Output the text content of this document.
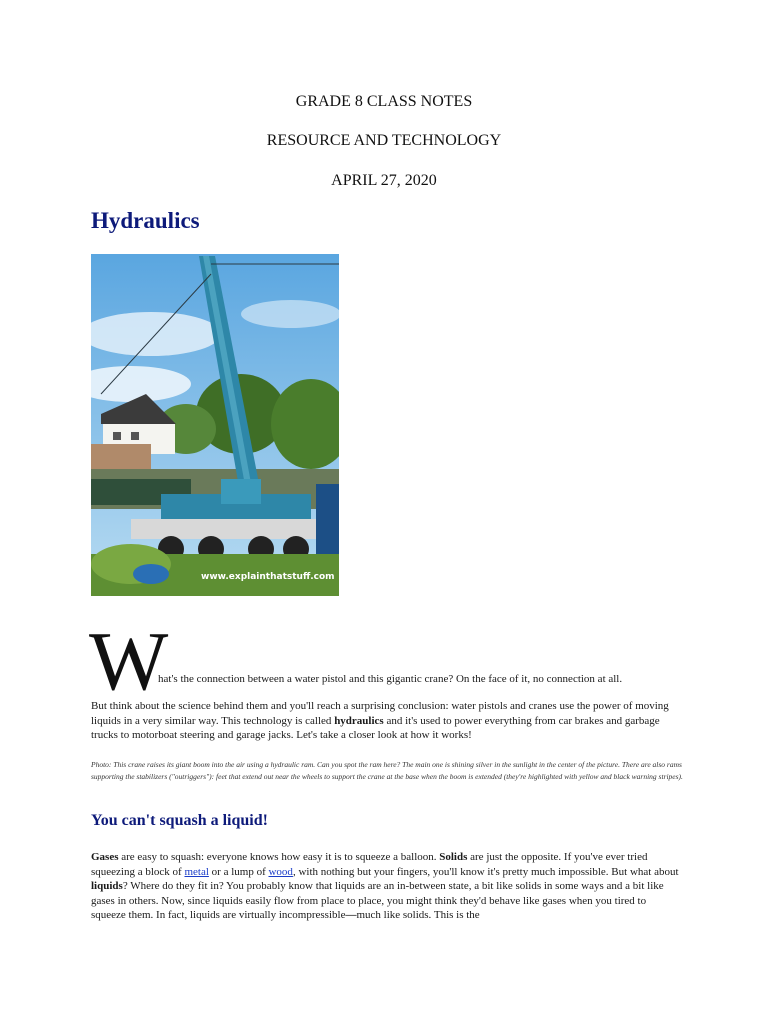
GRADE 8 CLASS NOTES
RESOURCE AND TECHNOLOGY
APRIL 27, 2020
Hydraulics
www.explainthatstuff.com
W
hat's the connection between a water pistol and this gigantic crane? On the face of it, no connection at all.

But think about the science behind them and you'll reach a surprising conclusion: water pistols and cranes use the power of moving liquids in a very similar way. This technology is called hydraulics and it's used to power everything from car brakes and garbage trucks to motorboat steering and garage jacks. Let's take a closer look at how it works!

Photo: This crane raises its giant boom into the air using a hydraulic ram. Can you spot the ram here? The main one is shining silver in the sunlight in the center of the picture. There are also rams supporting the stabilizers ("outriggers"): feet that extend out near the wheels to support the crane at the base when the boom is extended (they're highlighted with yellow and black warning stripes).

You can't squash a liquid!

Gases are easy to squash: everyone knows how easy it is to squeeze a balloon. Solids are just the opposite. If you've ever tried squeezing a block of metal or a lump of wood, with nothing but your fingers, you'll know it's pretty much impossible. But what about liquids? Where do they fit in? You probably know that liquids are an in-between state, a bit like solids in some ways and a bit like gases in others. Now, since liquids easily flow from place to place, you might think they'd behave like gases when you tired to squeeze them. In fact, liquids are virtually incompressible—much like solids. This is the
